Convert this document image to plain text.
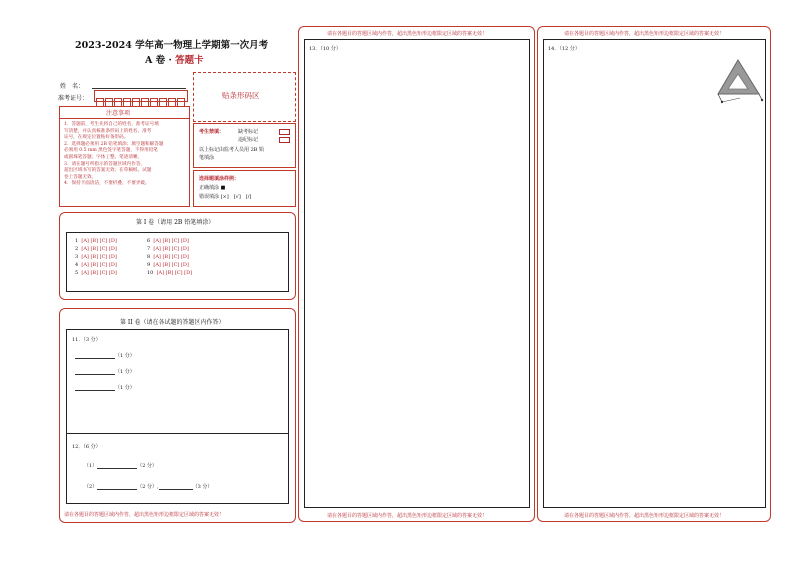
2023-2024 学年高一物理上学期第一次月考
A 卷 · 答题卡
姓　名：
准考证号：	贴条形码区
注意事项
1．答题前，考生先将自己的姓名，准考证号填
写清楚，并认真核准条形码上的姓名、准考
证号，在规定位置贴好条形码。
2．选择题必须用 2B 铅笔填涂；填空题和解答题
必须用 0.5 mm 黑色签字笔答题，不得用铅笔
或圆珠笔答题；字体工整、笔迹清晰。
3．请在题号所指示的答题区域内作答，
超出区域书写的答案无效；在草稿纸、试题
卷上答题无效。
4．保持卡面清洁，不要折叠、不要弄破。
考生禁填：	缺考标记
违纪标记
以上标记由监考人员用 2B 铅
笔填涂
选择题填涂样例：
正确填涂 ■
错误填涂 [×]　[√]　[/]
第 I 卷（请用 2B 铅笔填涂）
1 [A] [B] [C] [D]
2 [A] [B] [C] [D]
3 [A] [B] [C] [D]
4 [A] [B] [C] [D]
5 [A] [B] [C] [D]
6 [A] [B] [C] [D]
7 [A] [B] [C] [D]
8 [A] [B] [C] [D]
9 [A] [B] [C] [D]
10 [A] [B] [C] [D]
第 II 卷（请在各试题的答题区内作答）
11．（3 分）
（1 分）
（1 分）
（1 分）
12．（6 分）
（1）	（2 分）
（2）	（2 分）,	（3 分）
请在各题目的答题区域内作答，超出黑色矩形边框限定区域的答案无效！
请在各题目的答题区域内作答，超出黑色矩形边框限定区域的答案无效！
13．（10 分）
请在各题目的答题区域内作答，超出黑色矩形边框限定区域的答案无效！
请在各题目的答题区域内作答，超出黑色矩形边框限定区域的答案无效！
14．（12 分）
请在各题目的答题区域内作答，超出黑色矩形边框限定区域的答案无效！
